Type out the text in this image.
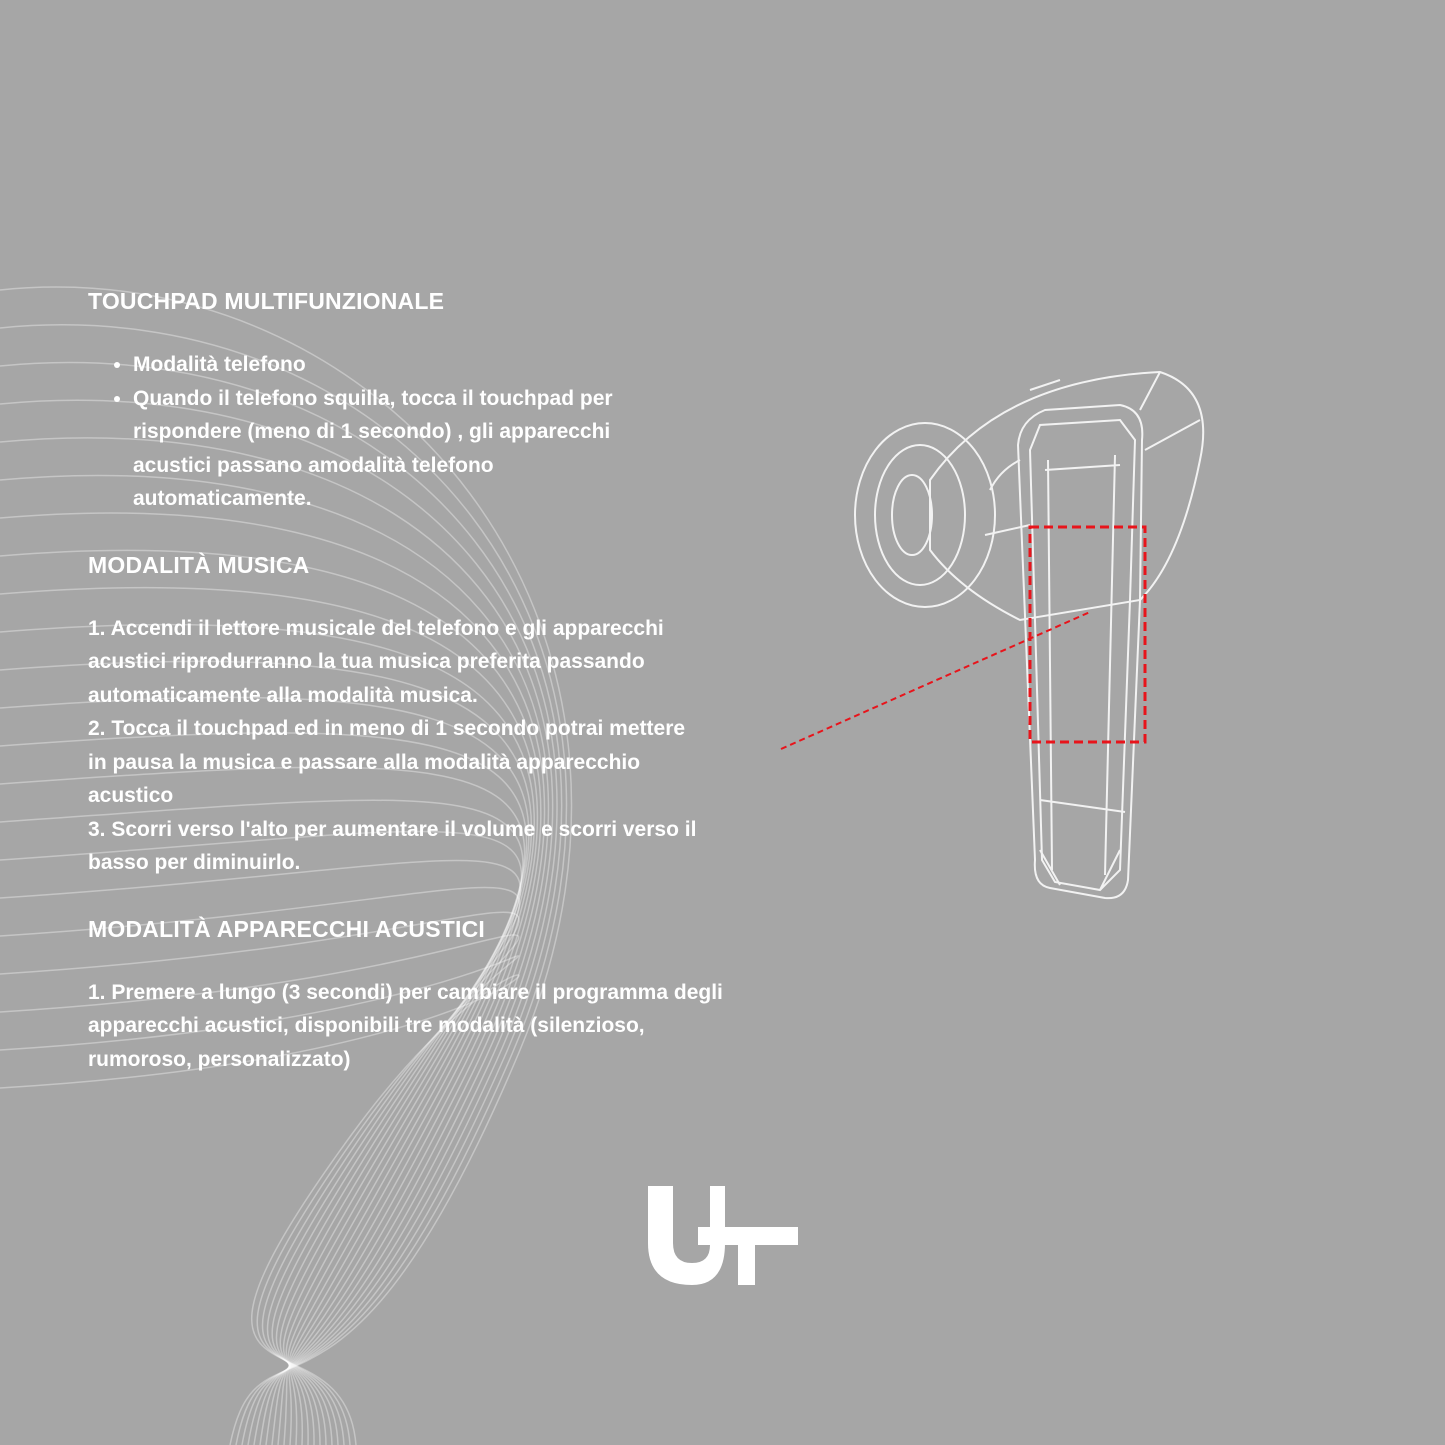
TOUCHPAD MULTIFUNZIONALE
• Modalità telefono
• Quando il telefono squilla, tocca il touchpad per rispondere (meno di 1 secondo) , gli apparecchi acustici passano amodalità telefono automaticamente.
MODALITÀ MUSICA

1. Accendi il lettore musicale del telefono e gli apparecchi acustici riprodurranno la tua musica preferita passando automaticamente alla modalità musica.
2. Tocca il touchpad ed in meno di 1 secondo potrai mettere in pausa la musica e passare alla modalità apparecchio acustico
3. Scorri verso l'alto per aumentare il volume e scorri verso il basso per diminuirlo.

MODALITÀ APPARECCHI ACUSTICI

1. Premere a lungo (3 secondi) per cambiare il programma degli apparecchi acustici, disponibili tre modalità (silenzioso, rumoroso, personalizzato)
